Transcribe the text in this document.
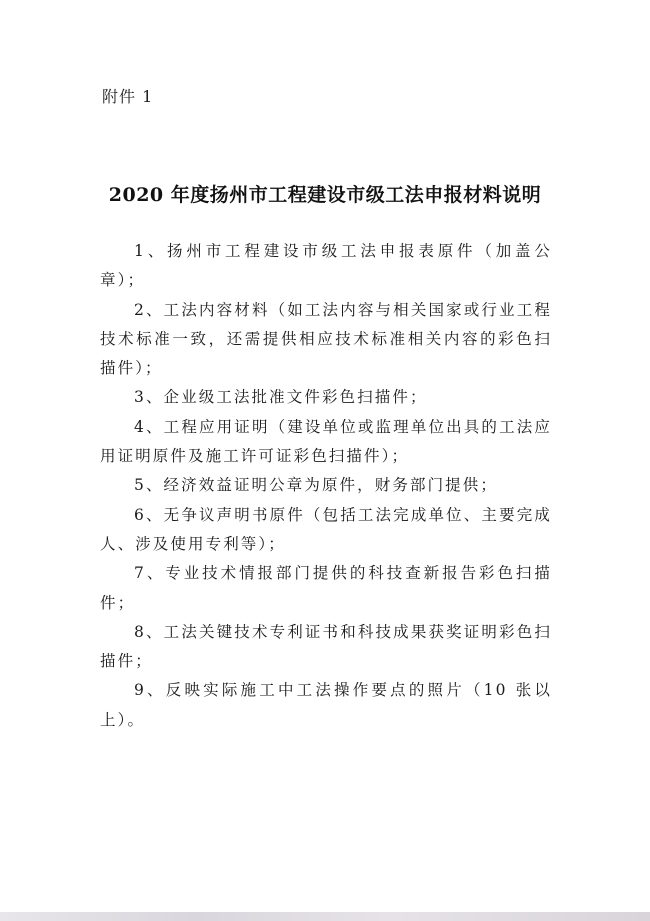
附件 1
2020 年度扬州市工程建设市级工法申报材料说明
1、扬州市工程建设市级工法申报表原件（加盖公章）；
2、工法内容材料（如工法内容与相关国家或行业工程技术标准一致，还需提供相应技术标准相关内容的彩色扫描件）；
3、企业级工法批准文件彩色扫描件；
4、工程应用证明（建设单位或监理单位出具的工法应用证明原件及施工许可证彩色扫描件）；
5、经济效益证明公章为原件，财务部门提供；
6、无争议声明书原件（包括工法完成单位、主要完成人、涉及使用专利等）；
7、专业技术情报部门提供的科技查新报告彩色扫描件；
8、工法关键技术专利证书和科技成果获奖证明彩色扫描件；
9、反映实际施工中工法操作要点的照片（10 张以上）。
